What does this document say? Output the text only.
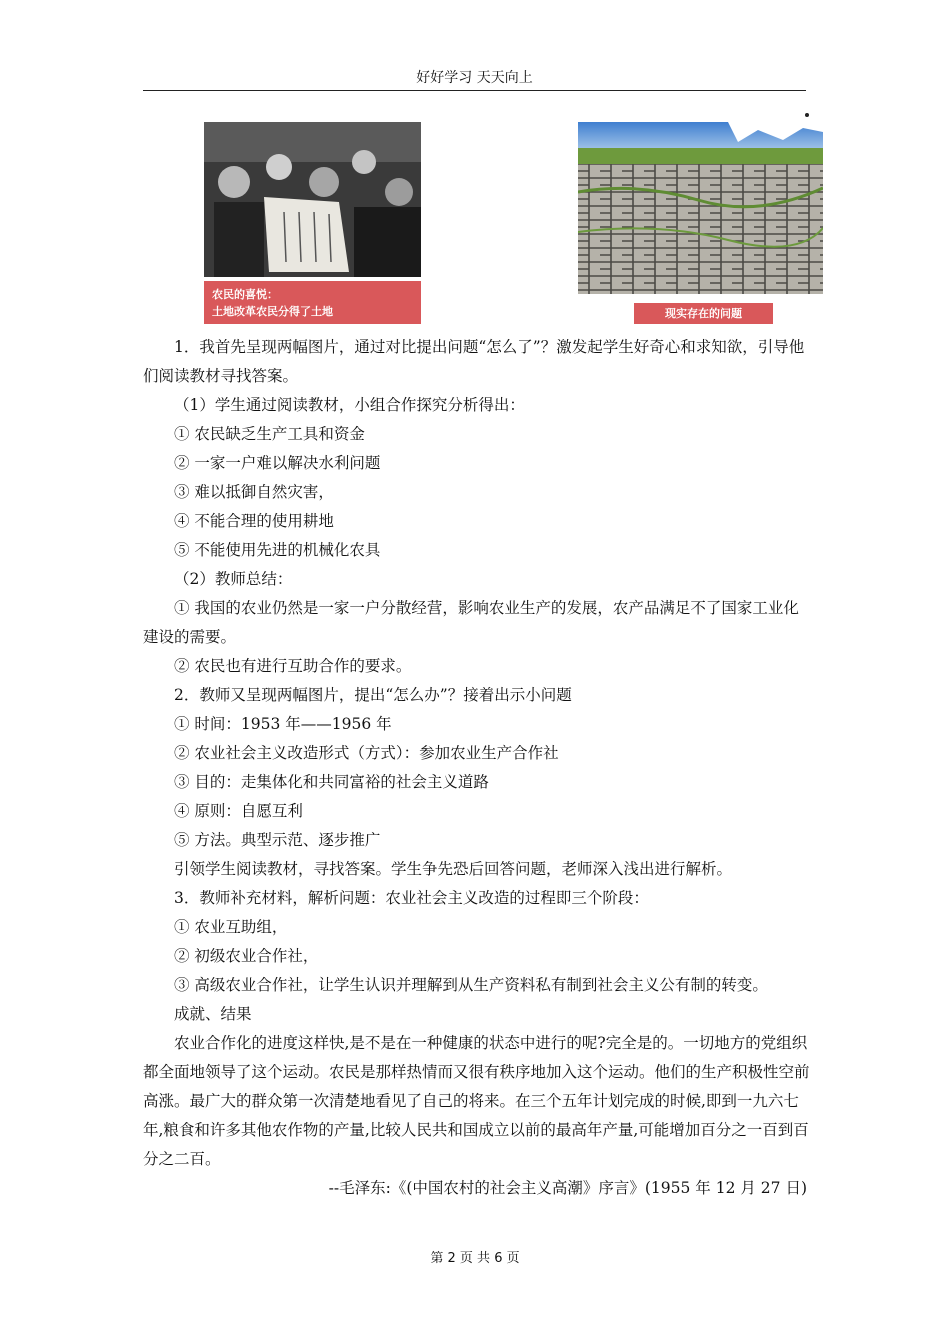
好好学习 天天向上
农民的喜悦：
土地改革农民分得了土地	现实存在的问题

1．我首先呈现两幅图片，通过对比提出问题“怎么了”？激发起学生好奇心和求知欲，引导他们阅读教材寻找答案。

（1）学生通过阅读教材，小组合作探究分析得出：

① 农民缺乏生产工具和资金

② 一家一户难以解决水利问题

③ 难以抵御自然灾害，

④ 不能合理的使用耕地

⑤ 不能使用先进的机械化农具

（2）教师总结：

① 我国的农业仍然是一家一户分散经营，影响农业生产的发展，农产品满足不了国家工业化建设的需要。

② 农民也有进行互助合作的要求。

2．教师又呈现两幅图片，提出“怎么办”？接着出示小问题

① 时间：1953 年——1956 年

② 农业社会主义改造形式（方式）：参加农业生产合作社

③ 目的：走集体化和共同富裕的社会主义道路

④ 原则：自愿互利

⑤ 方法。典型示范、逐步推广

引领学生阅读教材，寻找答案。学生争先恐后回答问题，老师深入浅出进行解析。

3．教师补充材料，解析问题：农业社会主义改造的过程即三个阶段：

① 农业互助组，

② 初级农业合作社，

③ 高级农业合作社，让学生认识并理解到从生产资料私有制到社会主义公有制的转变。

成就、结果

农业合作化的进度这样快,是不是在一种健康的状态中进行的呢?完全是的。一切地方的党组织都全面地领导了这个运动。农民是那样热情而又很有秩序地加入这个运动。他们的生产积极性空前高涨。最广大的群众第一次清楚地看见了自己的将来。在三个五年计划完成的时候,即到一九六七年,粮食和许多其他农作物的产量,比较人民共和国成立以前的最高年产量,可能增加百分之一百到百分之二百。

--毛泽东:《(中国农村的社会主义高潮》序言》(1955 年 12 月 27 日)

第 2 页 共 6 页
